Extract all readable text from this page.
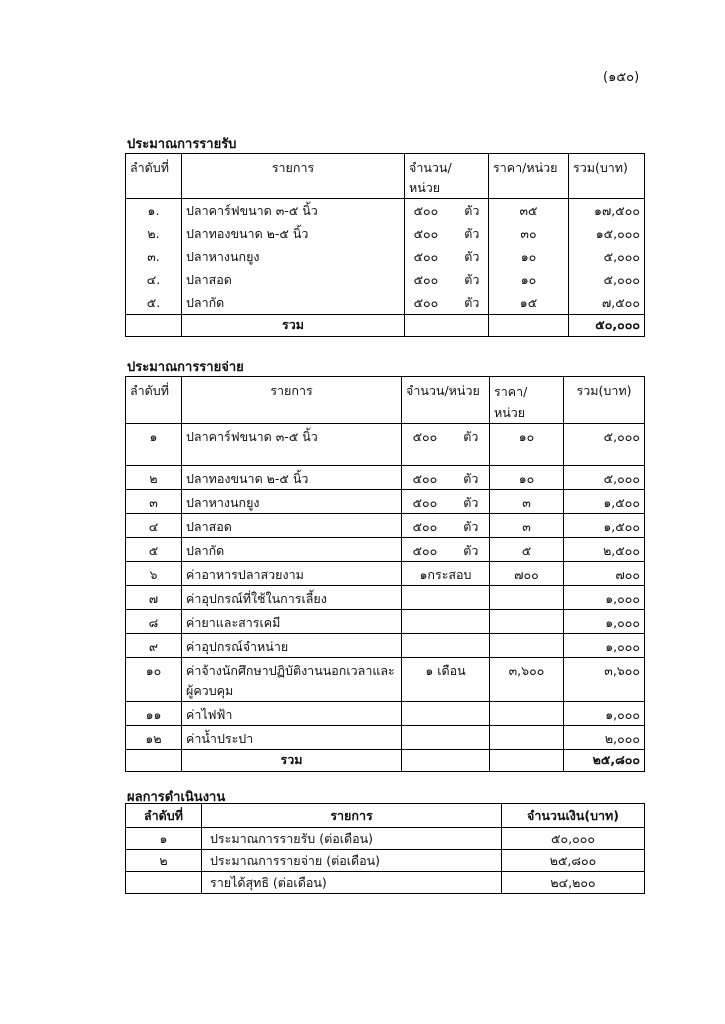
(๑๕๐)
ประมาณการรายรับ
ลำดับที่	รายการ	จำนวน/
หน่วย	ราคา/หน่วย	รวม(บาท)
๑.	ปลาคาร์ฟขนาด ๓-๕ นิ้ว	๕๐๐ ตัว	๓๕	๑๗,๕๐๐
๒.	ปลาทองขนาด ๒-๕ นิ้ว	๕๐๐ ตัว	๓๐	๑๕,๐๐๐
๓.	ปลาหางนกยูง	๕๐๐ ตัว	๑๐	๕,๐๐๐
๔.	ปลาสอด	๕๐๐ ตัว	๑๐	๕,๐๐๐
๕.	ปลากัด	๕๐๐ ตัว	๑๕	๗,๕๐๐
	รวม			๕๐,๐๐๐
ประมาณการรายจ่าย
ลำดับที่	รายการ	จำนวน/หน่วย	ราคา/
หน่วย	รวม(บาท)
๑	ปลาคาร์ฟขนาด ๓-๕ นิ้ว	๕๐๐ ตัว	๑๐	๕,๐๐๐
๒	ปลาทองขนาด ๒-๕ นิ้ว	๕๐๐ ตัว	๑๐	๕,๐๐๐
๓	ปลาหางนกยูง	๕๐๐ ตัว	๓	๑,๕๐๐
๔	ปลาสอด	๕๐๐ ตัว	๓	๑,๕๐๐
๕	ปลากัด	๕๐๐ ตัว	๕	๒,๕๐๐
๖	ค่าอาหารปลาสวยงาม	๑กระสอบ	๗๐๐	๗๐๐
๗	ค่าอุปกรณ์ที่ใช้ในการเลี้ยง			๑,๐๐๐
๘	ค่ายาและสารเคมี			๑,๐๐๐
๙	ค่าอุปกรณ์จำหน่าย			๑,๐๐๐
๑๐	ค่าจ้างนักศึกษาปฏิบัติงานนอกเวลาและ
ผู้ควบคุม	๑ เดือน	๓,๖๐๐	๓,๖๐๐
๑๑	ค่าไฟฟ้า			๑,๐๐๐
๑๒	ค่าน้ำประปา			๒,๐๐๐
	รวม			๒๕,๘๐๐
ผลการดำเนินงาน
ลำดับที่	รายการ	จำนวนเงิน(บาท)
๑	ประมาณการรายรับ (ต่อเดือน)	๕๐,๐๐๐
๒	ประมาณการรายจ่าย (ต่อเดือน)	๒๕,๘๐๐
	รายได้สุทธิ (ต่อเดือน)	๒๔,๒๐๐
